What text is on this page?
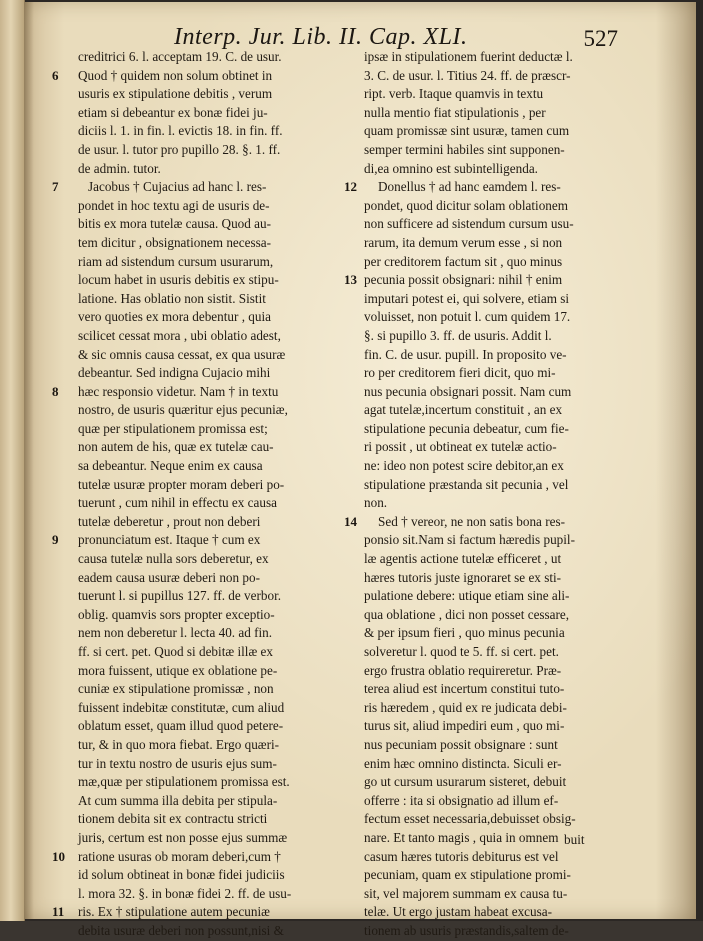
Interp. Jur. Lib. II. Cap. XLI.	527
creditrici 6. l. acceptam 19. C. de usur.
6	Quod † quidem non solum obtinet in
usuris ex stipulatione debitis , verum
etiam si debeantur ex bonæ fidei ju-
diciis l. 1. in fin. l. evictis 18. in fin. ff.
de usur. l. tutor pro pupillo 28. §. 1. ff.
de admin. tutor.
7	Jacobus † Cujacius ad hanc l. res-
pondet in hoc textu agi de usuris de-
bitis ex mora tutelæ causa. Quod au-
tem dicitur , obsignationem necessa-
riam ad sistendum cursum usurarum,
locum habet in usuris debitis ex stipu-
latione. Has oblatio non sistit. Sistit
vero quoties ex mora debentur , quia
scilicet cessat mora , ubi oblatio adest,
& sic omnis causa cessat, ex qua usuræ
debeantur. Sed indigna Cujacio mihi
8	hæc responsio videtur. Nam † in textu
nostro, de usuris quæritur ejus pecuniæ,
quæ per stipulationem promissa est;
non autem de his, quæ ex tutelæ cau-
sa debeantur. Neque enim ex causa
tutelæ usuræ propter moram deberi po-
tuerunt , cum nihil in effectu ex causa
tutelæ deberetur , prout non deberi
9	pronunciatum est. Itaque † cum ex
causa tutelæ nulla sors deberetur, ex
eadem causa usuræ deberi non po-
tuerunt l. si pupillus 127. ff. de verbor.
oblig. quamvis sors propter exceptio-
nem non deberetur l. lecta 40. ad fin.
ff. si cert. pet. Quod si debitæ illæ ex
mora fuissent, utique ex oblatione pe-
cuniæ ex stipulatione promissæ , non
fuissent indebitæ constitutæ, cum aliud
oblatum esset, quam illud quod petere-
tur, & in quo mora fiebat. Ergo quæri-
tur in textu nostro de usuris ejus sum-
mæ,quæ per stipulationem promissa est.
At cum summa illa debita per stipula-
tionem debita sit ex contractu stricti
juris, certum est non posse ejus summæ
10 ratione usuras ob moram deberi,cum †
id solum obtineat in bonæ fidei judiciis
l. mora 32. §. in bonæ fidei 2. ff. de usu-
11	ris. Ex † stipulatione autem pecuniæ
debita usuræ deberi non possunt,nisi &
ipsæ in stipulationem fuerint deductæ l.
3. C. de usur. l. Titius 24. ff. de præscr-
ript. verb. Itaque quamvis in textu
nulla mentio fiat stipulationis , per
quam promissæ sint usuræ, tamen cum
semper termini habiles sint supponen-
di,ea omnino est subintelligenda.
12	Donellus † ad hanc eamdem l. res-
pondet, quod dicitur solam oblationem
non sufficere ad sistendum cursum usu-
rarum, ita demum verum esse , si non
per creditorem factum sit , quo minus
13 pecunia possit obsignari: nihil † enim
imputari potest ei, qui solvere, etiam si
voluisset, non potuit l. cum quidem 17.
§. si pupillo 3. ff. de usuris. Addit l.
fin. C. de usur. pupill. In proposito ve-
ro per creditorem fieri dicit, quo mi-
nus pecunia obsignari possit. Nam cum
agat tutelæ,incertum constituit , an ex
stipulatione pecunia debeatur, cum fie-
ri possit , ut obtineat ex tutelæ actio-
ne: ideo non potest scire debitor,an ex
stipulatione præstanda sit pecunia , vel
non.
14	Sed † vereor, ne non satis bona res-
ponsio sit.Nam si factum hæredis pupil-
læ agentis actione tutelæ efficeret , ut
hæres tutoris juste ignoraret se ex sti-
pulatione debere: utique etiam sine ali-
qua oblatione , dici non posset cessare,
& per ipsum fieri , quo minus pecunia
solveretur l. quod te 5. ff. si cert. pet.
ergo frustra oblatio requireretur. Præ-
terea aliud est incertum constitui tuto-
ris hæredem , quid ex re judicata debi-
turus sit, aliud impediri eum , quo mi-
nus pecuniam possit obsignare : sunt
enim hæc omnino distincta. Siculi er-
go ut cursum usurarum sisteret, debuit
offerre : ita si obsignatio ad illum ef-
fectum esset necessaria,debuisset obsig-
nare. Et tanto magis , quia in omnem
casum hæres tutoris debiturus est vel
pecuniam, quam ex stipulatione promi-
sit, vel majorem summam ex causa tu-
telæ. Ut ergo justam habeat excusa-
tionem ab usuris præstandis,saltem de-
buit
